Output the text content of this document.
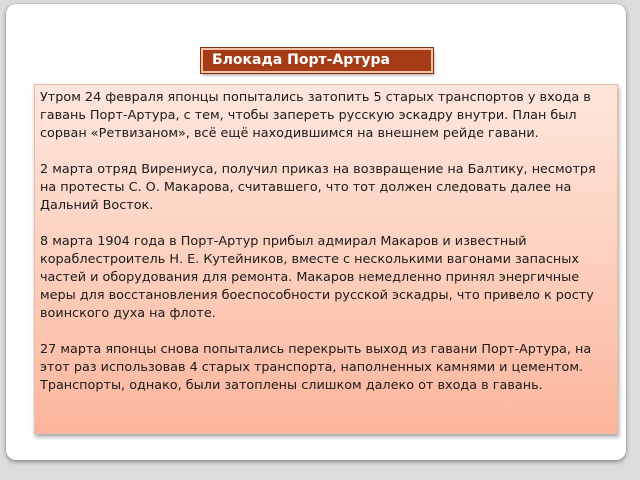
Блокада Порт-Артура

Утром 24 февраля японцы попытались затопить 5 старых транспортов у входа в гавань Порт-Артура, с тем, чтобы запереть русскую эскадру внутри. План был сорван «Ретвизаном», всё ещё находившимся на внешнем рейде гавани.

2 марта отряд Вирениуса, получил приказ на возвращение на Балтику, несмотря на протесты С. О. Макарова, считавшего, что тот должен следовать далее на Дальний Восток.

8 марта 1904 года в Порт-Артур прибыл адмирал Макаров и известный кораблестроитель Н. Е. Кутейников, вместе с несколькими вагонами запасных частей и оборудования для ремонта. Макаров немедленно принял энергичные меры для восстановления боеспособности русской эскадры, что привело к росту воинского духа на флоте.

27 марта японцы снова попытались перекрыть выход из гавани Порт-Артура, на этот раз использовав 4 старых транспорта, наполненных камнями и цементом. Транспорты, однако, были затоплены слишком далеко от входа в гавань.
